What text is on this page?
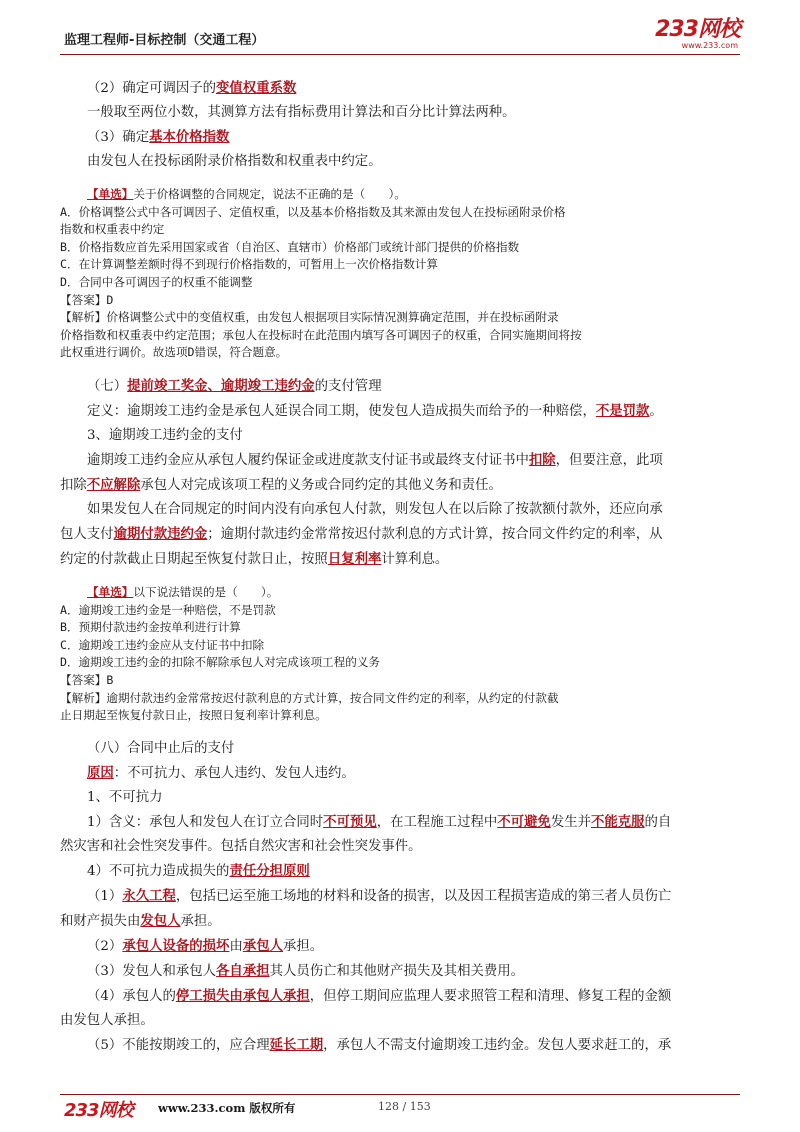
监理工程师-目标控制（交通工程）	233网校
www.233.com

（2）确定可调因子的变值权重系数

一般取至两位小数，其测算方法有指标费用计算法和百分比计算法两种。

（3）确定基本价格指数

由发包人在投标函附录价格指数和权重表中约定。

【单选】关于价格调整的合同规定，说法不正确的是（　　）。

A．价格调整公式中各可调因子、定值权重，以及基本价格指数及其来源由发包人在投标函附录价格

指数和权重表中约定

B．价格指数应首先采用国家或省（自治区、直辖市）价格部门或统计部门提供的价格指数

C．在计算调整差额时得不到现行价格指数的，可暂用上一次价格指数计算

D．合同中各可调因子的权重不能调整

【答案】D

【解析】价格调整公式中的变值权重，由发包人根据项目实际情况测算确定范围，并在投标函附录

价格指数和权重表中约定范围；承包人在投标时在此范围内填写各可调因子的权重，合同实施期间将按

此权重进行调价。故选项D错误，符合题意。

（七）提前竣工奖金、逾期竣工违约金的支付管理

定义：逾期竣工违约金是承包人延误合同工期，使发包人造成损失而给予的一种赔偿，不是罚款。

3、逾期竣工违约金的支付

逾期竣工违约金应从承包人履约保证金或进度款支付证书或最终支付证书中扣除，但要注意，此项

扣除不应解除承包人对完成该项工程的义务或合同约定的其他义务和责任。

如果发包人在合同规定的时间内没有向承包人付款，则发包人在以后除了按款额付款外，还应向承

包人支付逾期付款违约金；逾期付款违约金常常按迟付款利息的方式计算，按合同文件约定的利率，从

约定的付款截止日期起至恢复付款日止，按照日复利率计算利息。

【单选】以下说法错误的是（　　）。

A．逾期竣工违约金是一种赔偿，不是罚款

B．预期付款违约金按单利进行计算

C．逾期竣工违约金应从支付证书中扣除

D．逾期竣工违约金的扣除不解除承包人对完成该项工程的义务

【答案】B

【解析】逾期付款违约金常常按迟付款利息的方式计算，按合同文件约定的利率，从约定的付款截

止日期起至恢复付款日止，按照日复利率计算利息。

（八）合同中止后的支付

原因：不可抗力、承包人违约、发包人违约。

1、不可抗力

1）含义：承包人和发包人在订立合同时不可预见，在工程施工过程中不可避免发生并不能克服的自

然灾害和社会性突发事件。包括自然灾害和社会性突发事件。

4）不可抗力造成损失的责任分担原则

（1）永久工程，包括已运至施工场地的材料和设备的损害，以及因工程损害造成的第三者人员伤亡

和财产损失由发包人承担。

（2）承包人设备的损坏由承包人承担。

（3）发包人和承包人各自承担其人员伤亡和其他财产损失及其相关费用。

（4）承包人的停工损失由承包人承担，但停工期间应监理人要求照管工程和清理、修复工程的金额

由发包人承担。

（5）不能按期竣工的，应合理延长工期，承包人不需支付逾期竣工违约金。发包人要求赶工的，承

233网校 www.233.com 版权所有	128 / 153
